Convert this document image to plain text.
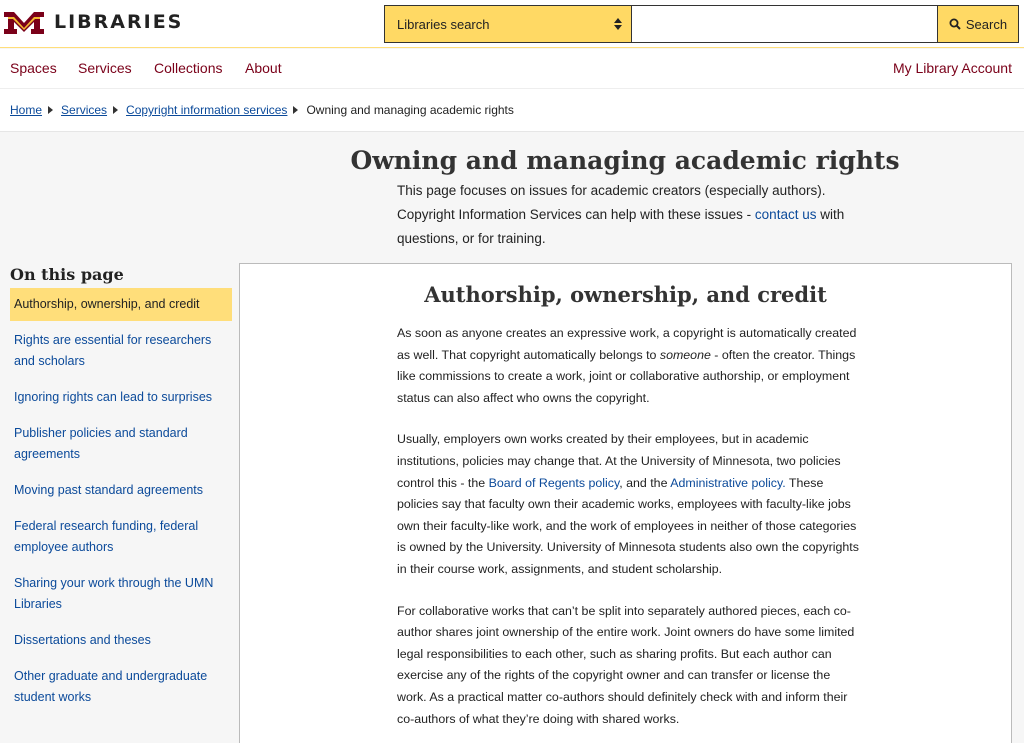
LIBRARIES	Libraries search	Search
Spaces Services Collections About	My Library Account
Home Services Copyright information services Owning and managing academic rights
Owning and managing academic rights
This page focuses on issues for academic creators (especially authors). Copyright Information Services can help with these issues - contact us with questions, or for training.
On this page
Authorship, ownership, and credit
Rights are essential for researchers and scholars
Ignoring rights can lead to surprises
Publisher policies and standard agreements
Moving past standard agreements
Federal research funding, federal employee authors
Sharing your work through the UMN Libraries
Dissertations and theses
Other graduate and undergraduate student works
Authorship, ownership, and credit

As soon as anyone creates an expressive work, a copyright is automatically created as well. That copyright automatically belongs to someone - often the creator. Things like commissions to create a work, joint or collaborative authorship, or employment status can also affect who owns the copyright.

Usually, employers own works created by their employees, but in academic institutions, policies may change that. At the University of Minnesota, two policies control this - the Board of Regents policy, and the Administrative policy. These policies say that faculty own their academic works, employees with faculty-like jobs own their faculty-like work, and the work of employees in neither of those categories is owned by the University. University of Minnesota students also own the copyrights in their course work, assignments, and student scholarship.

For collaborative works that can’t be split into separately authored pieces, each co-author shares joint ownership of the entire work. Joint owners do have some limited legal responsibilities to each other, such as sharing profits. But each author can exercise any of the rights of the copyright owner and can transfer or license the work. As a practical matter co-authors should definitely check with and inform their co-authors of what they’re doing with shared works.
